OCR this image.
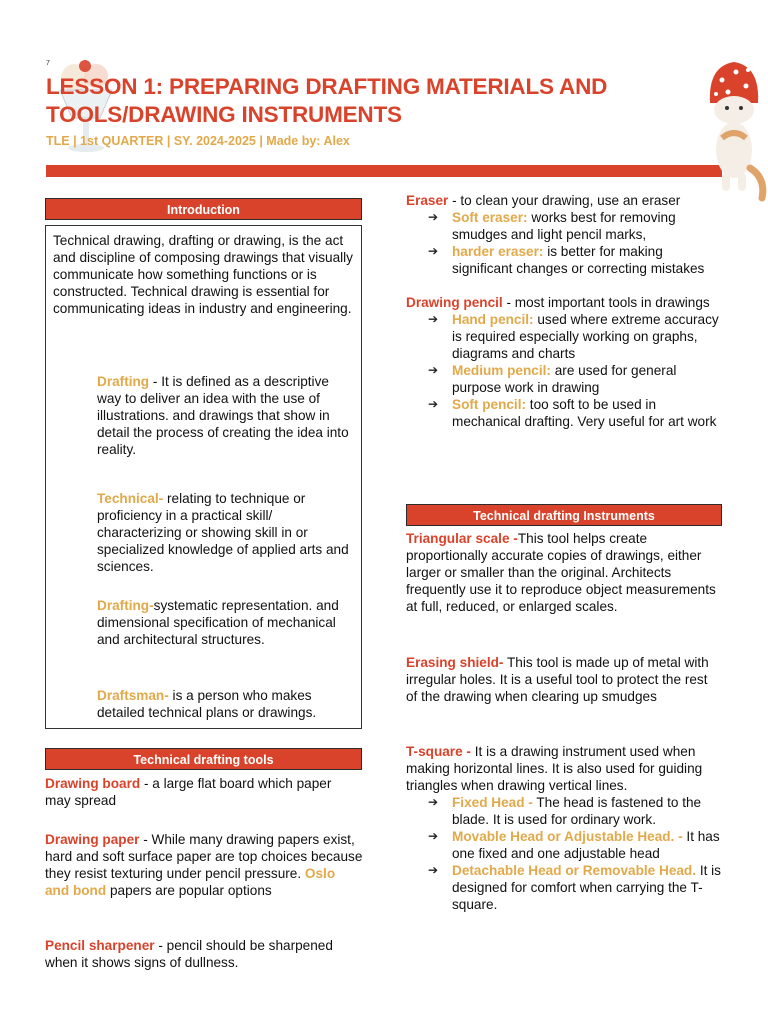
7
LESSON 1: PREPARING DRAFTING MATERIALS AND
TOOLS/DRAWING INSTRUMENTS
TLE | 1st QUARTER | SY. 2024-2025 | Made by: Alex
Introduction
Technical drawing, drafting or drawing, is the act and discipline of composing drawings that visually communicate how something functions or is constructed. Technical drawing is essential for communicating ideas in industry and engineering.
Drafting - It is defined as a descriptive way to deliver an idea with the use of illustrations. and drawings that show in detail the process of creating the idea into reality.
Technical- relating to technique or proficiency in a practical skill/ characterizing or showing skill in or specialized knowledge of applied arts and sciences.
Drafting-systematic representation. and dimensional specification of mechanical and architectural structures.
Draftsman- is a person who makes detailed technical plans or drawings.
Technical drafting tools
Drawing board - a large flat board which paper may spread
Drawing paper - While many drawing papers exist, hard and soft surface paper are top choices because they resist texturing under pencil pressure. Oslo and bond papers are popular options
Pencil sharpener - pencil should be sharpened when it shows signs of dullness.
Eraser - to clean your drawing, use an eraser
➔ Soft eraser: works best for removing smudges and light pencil marks,
➔ harder eraser: is better for making significant changes or correcting mistakes
Drawing pencil - most important tools in drawings
➔ Hand pencil: used where extreme accuracy is required especially working on graphs, diagrams and charts
➔ Medium pencil: are used for general purpose work in drawing
➔ Soft pencil: too soft to be used in mechanical drafting. Very useful for art work
Technical drafting Instruments
Triangular scale -This tool helps create proportionally accurate copies of drawings, either larger or smaller than the original. Architects frequently use it to reproduce object measurements at full, reduced, or enlarged scales.
Erasing shield- This tool is made up of metal with irregular holes. It is a useful tool to protect the rest of the drawing when clearing up smudges
T-square - It is a drawing instrument used when making horizontal lines. It is also used for guiding triangles when drawing vertical lines.
➔ Fixed Head - The head is fastened to the blade. It is used for ordinary work.
➔ Movable Head or Adjustable Head. - It has one fixed and one adjustable head
➔ Detachable Head or Removable Head. It is designed for comfort when carrying the T-square.
